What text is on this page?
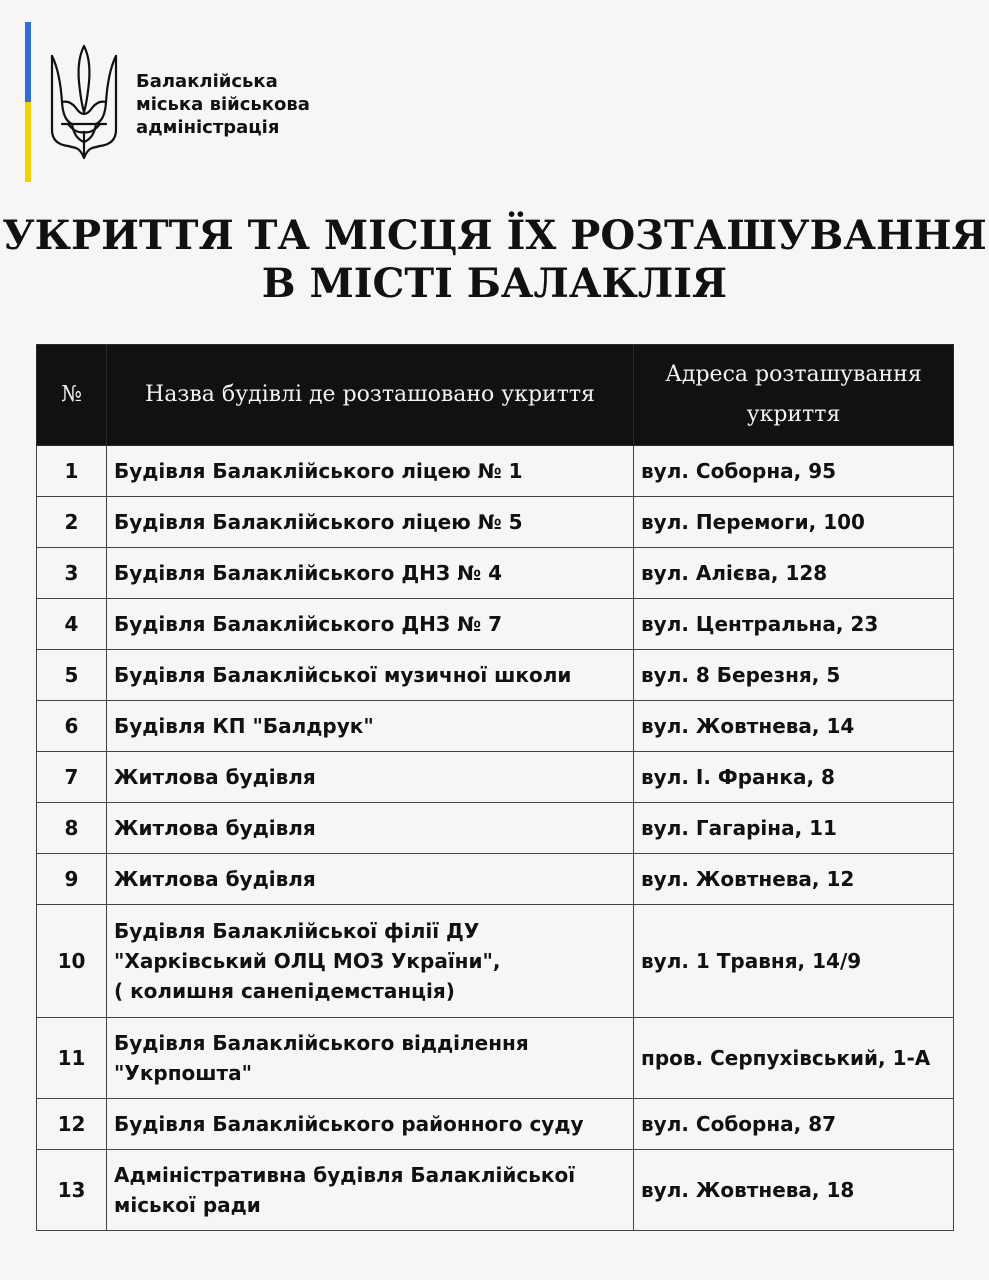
Балаклійська
міська військова
адміністрація
УКРИТТЯ ТА МІСЦЯ ЇХ РОЗТАШУВАННЯ
В МІСТІ БАЛАКЛІЯ
№	Назва будівлі де розташовано укриття	Адреса розташування
укриття

1	Будівля Балаклійського ліцею № 1	вул. Соборна, 95
2	Будівля Балаклійського ліцею № 5	вул. Перемоги, 100
3	Будівля Балаклійського ДНЗ № 4	вул. Алієва, 128
4	Будівля Балаклійського ДНЗ № 7	вул. Центральна, 23
5	Будівля Балаклійської музичної школи	вул. 8 Березня, 5
6	Будівля КП "Балдрук"	вул. Жовтнева, 14
7	Житлова будівля	вул. І. Франка, 8
8	Житлова будівля	вул. Гагаріна, 11
9	Житлова будівля	вул. Жовтнева, 12
10	Будівля Балаклійської філії ДУ
"Харківський ОЛЦ МОЗ України",
( колишня санепідемстанція)	вул. 1 Травня, 14/9
11	Будівля Балаклійського відділення
"Укрпошта"	пров. Серпухівський, 1-А
12	Будівля Балаклійського районного суду	вул. Соборна, 87
13	Адміністративна будівля Балаклійської
міської ради	вул. Жовтнева, 18
